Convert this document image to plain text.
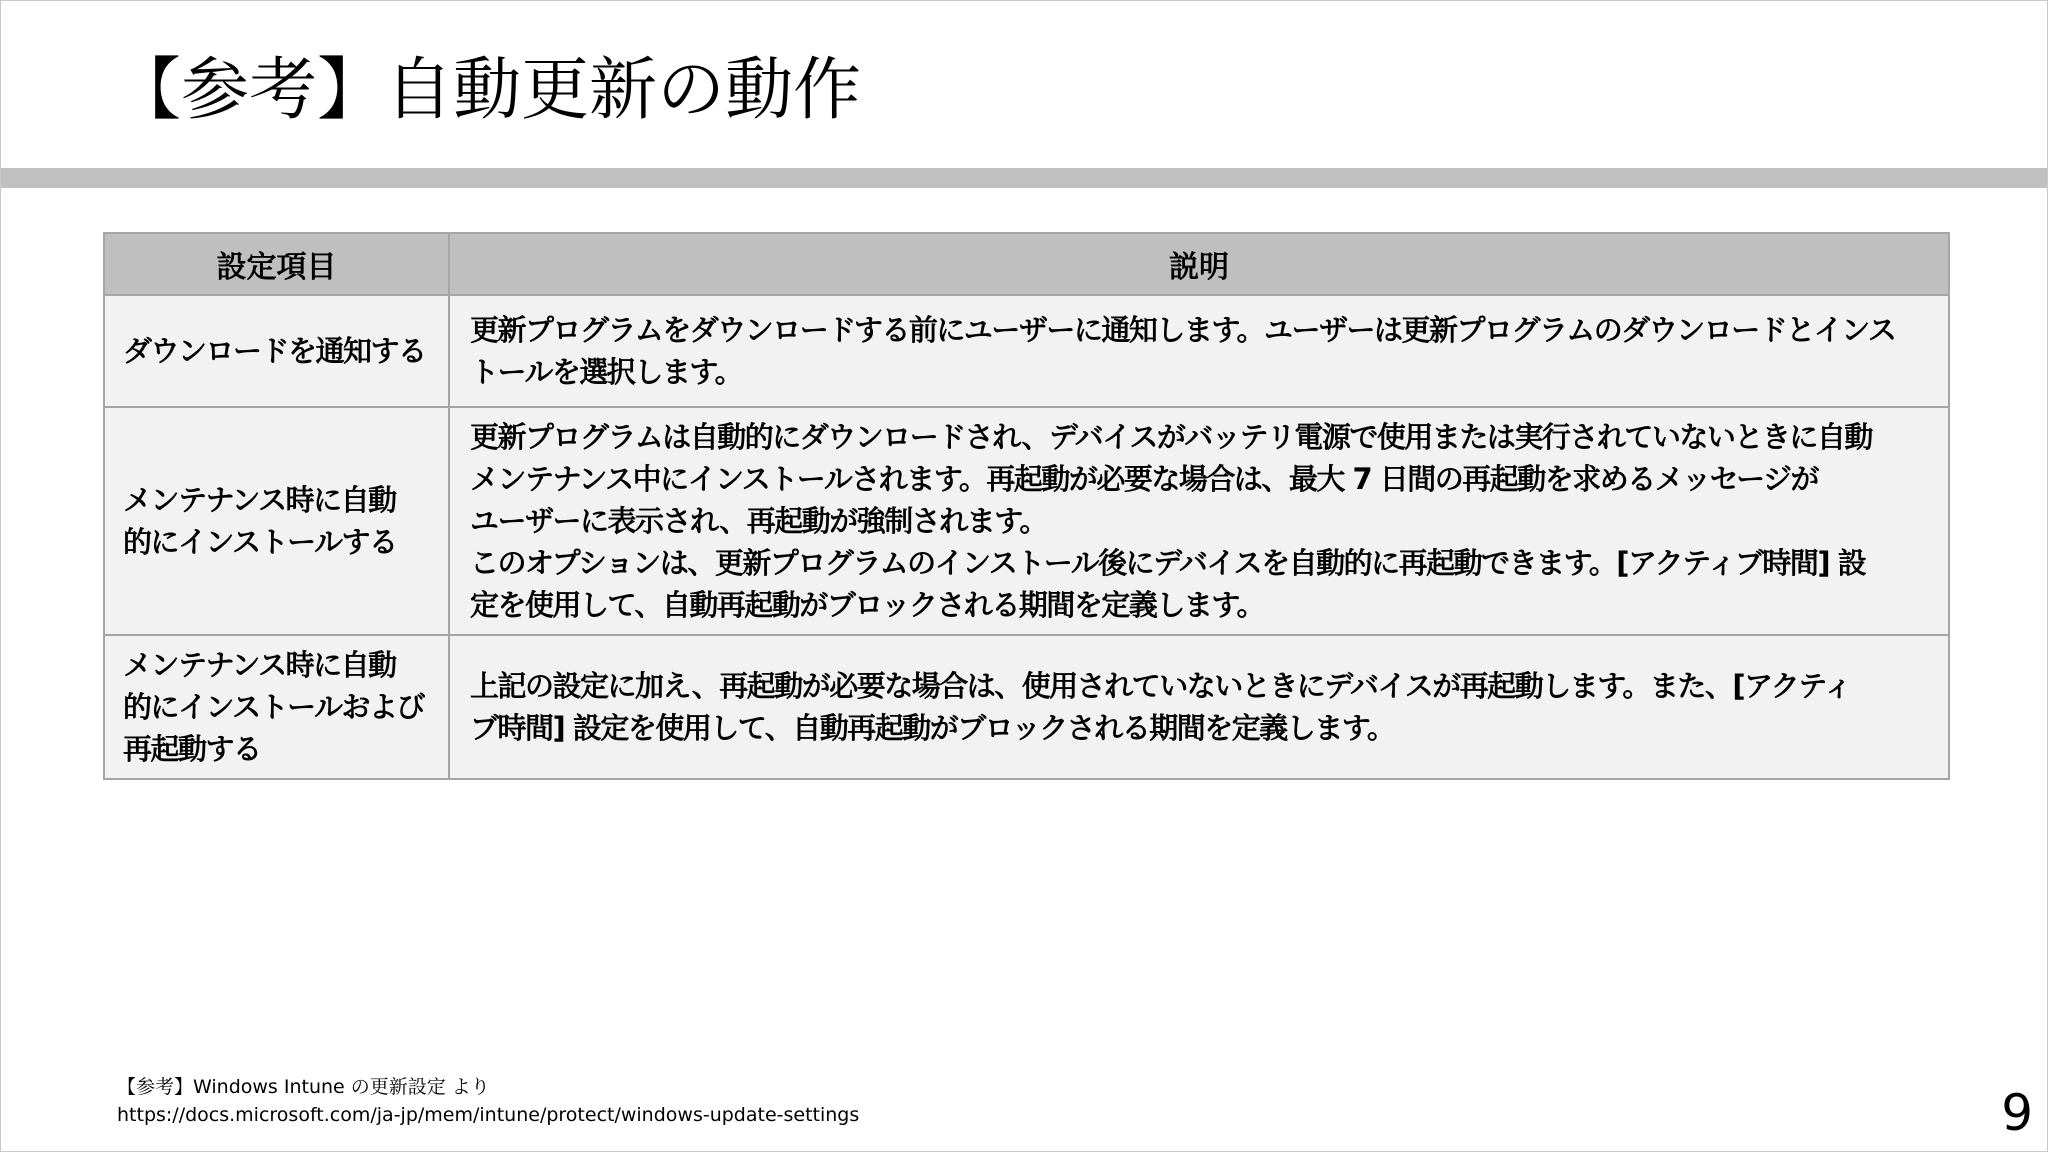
【参考】自動更新の動作
設定項目	説明

ダウンロードを通知する	更新プログラムをダウンロードする前にユーザーに通知します。ユーザーは更新プログラムのダウンロードとインス
トールを選択します。

メンテナンス時に自動
的にインストールする	更新プログラムは自動的にダウンロードされ、デバイスがバッテリ電源で使用または実行されていないときに自動
メンテナンス中にインストールされます。再起動が必要な場合は、最大 7 日間の再起動を求めるメッセージが
ユーザーに表示され、再起動が強制されます。
このオプションは、更新プログラムのインストール後にデバイスを自動的に再起動できます。[アクティブ時間] 設
定を使用して、自動再起動がブロックされる期間を定義します。

メンテナンス時に自動
的にインストールおよび
再起動する	上記の設定に加え、再起動が必要な場合は、使用されていないときにデバイスが再起動します。また、[アクティ
ブ時間] 設定を使用して、自動再起動がブロックされる期間を定義します。
【参考】Windows Intune の更新設定 より
https://docs.microsoft.com/ja-jp/mem/intune/protect/windows-update-settings	9
